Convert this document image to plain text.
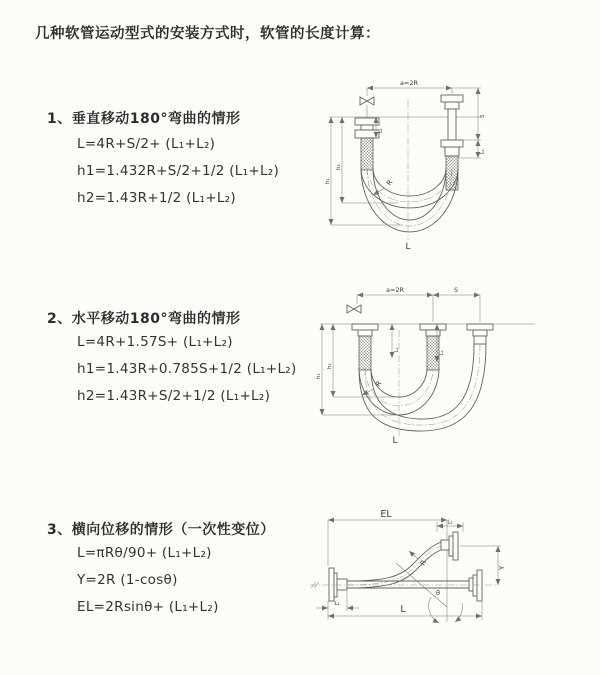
几种软管运动型式的安装方式时，软管的长度计算：
1、垂直移动180°弯曲的情形
L=4R+S/2+ (L₁+L₂)
h1=1.432R+S/2+1/2 (L₁+L₂)
h2=1.43R+1/2 (L₁+L₂)
2、水平移动180°弯曲的情形
L=4R+1.57S+ (L₁+L₂)
h1=1.43R+0.785S+1/2 (L₁+L₂)
h2=1.43R+S/2+1/2 (L₁+L₂)
3、横向位移的情形（一次性变位）
L=πRθ/90+ (L₁+L₂)
Y=2R (1-cosθ)
EL=2Rsinθ+ (L₁+L₂)
a=2R
L₁
h₁
h₂
S
L₂
R
L
a=2R	S
L₁
L₂
h₁
h₂
R
L
EL
L₁
Y
θ
R
L₁	L
